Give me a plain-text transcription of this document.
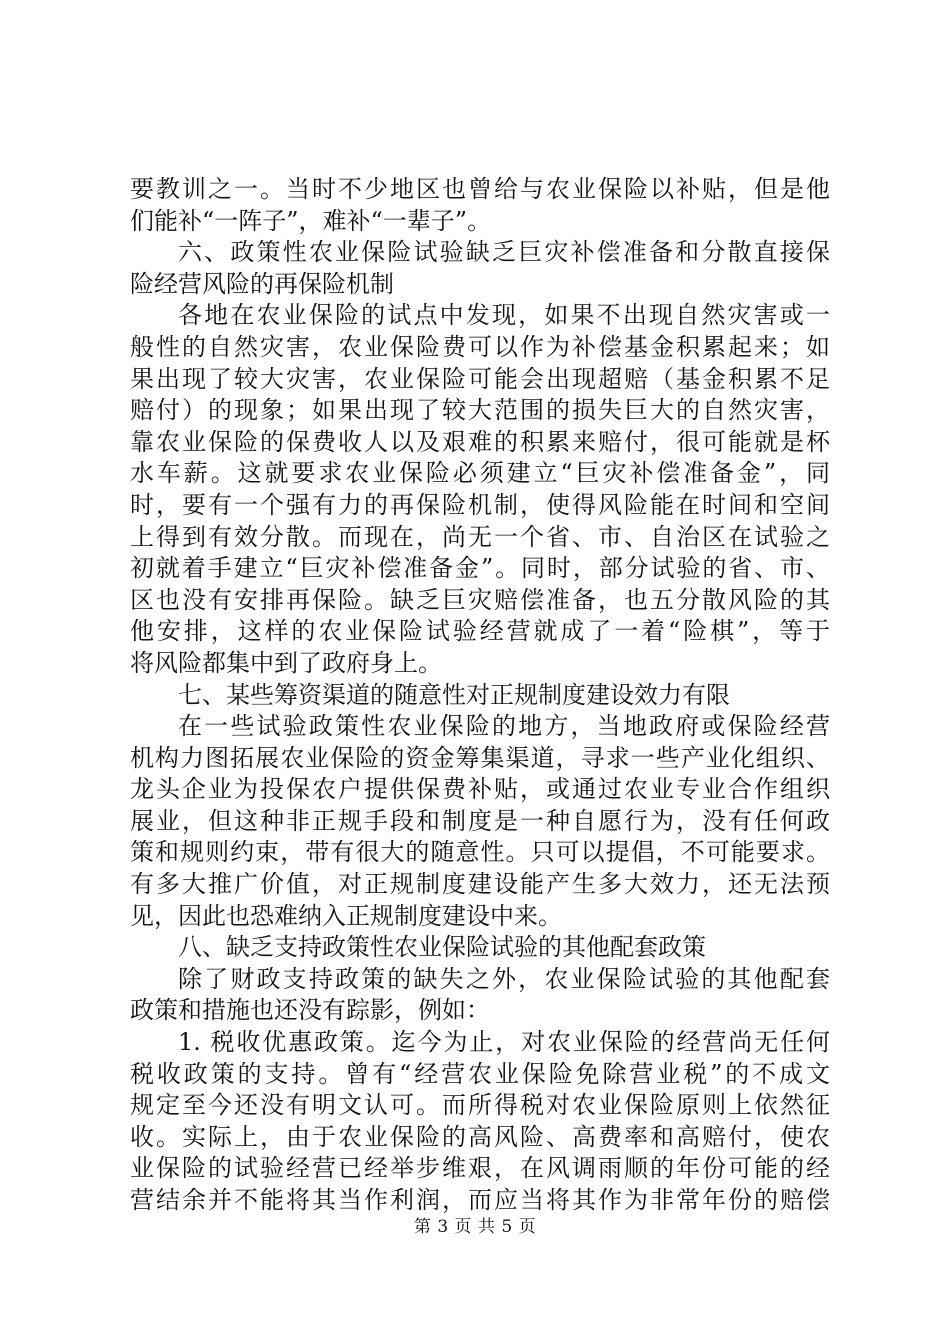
要教训之一。当时不少地区也曾给与农业保险以补贴，但是他
们能补“一阵子”，难补“一辈子”。
六、政策性农业保险试验缺乏巨灾补偿准备和分散直接保
险经营风险的再保险机制
各地在农业保险的试点中发现，如果不出现自然灾害或一
般性的自然灾害，农业保险费可以作为补偿基金积累起来；如
果出现了较大灾害，农业保险可能会出现超赔（基金积累不足
赔付）的现象；如果出现了较大范围的损失巨大的自然灾害，
靠农业保险的保费收人以及艰难的积累来赔付，很可能就是杯
水车薪。这就要求农业保险必须建立“巨灾补偿准备金”，同
时，要有一个强有力的再保险机制，使得风险能在时间和空间
上得到有效分散。而现在，尚无一个省、市、自治区在试验之
初就着手建立“巨灾补偿准备金”。同时，部分试验的省、市、
区也没有安排再保险。缺乏巨灾赔偿准备，也五分散风险的其
他安排，这样的农业保险试验经营就成了一着“险棋”，等于
将风险都集中到了政府身上。
七、某些筹资渠道的随意性对正规制度建设效力有限
在一些试验政策性农业保险的地方，当地政府或保险经营
机构力图拓展农业保险的资金筹集渠道，寻求一些产业化组织、
龙头企业为投保农户提供保费补贴，或通过农业专业合作组织
展业，但这种非正规手段和制度是一种自愿行为，没有任何政
策和规则约束，带有很大的随意性。只可以提倡，不可能要求。
有多大推广价值，对正规制度建设能产生多大效力，还无法预
见，因此也恐难纳入正规制度建设中来。
八、缺乏支持政策性农业保险试验的其他配套政策
除了财政支持政策的缺失之外，农业保险试验的其他配套
政策和措施也还没有踪影，例如：
1. 税收优惠政策。迄今为止，对农业保险的经营尚无任何
税收政策的支持。曾有“经营农业保险免除营业税”的不成文
规定至今还没有明文认可。而所得税对农业保险原则上依然征
收。实际上，由于农业保险的高风险、高费率和高赔付，使农
业保险的试验经营已经举步维艰，在风调雨顺的年份可能的经
营结余并不能将其当作利润，而应当将其作为非常年份的赔偿
第 3 页 共 5 页
